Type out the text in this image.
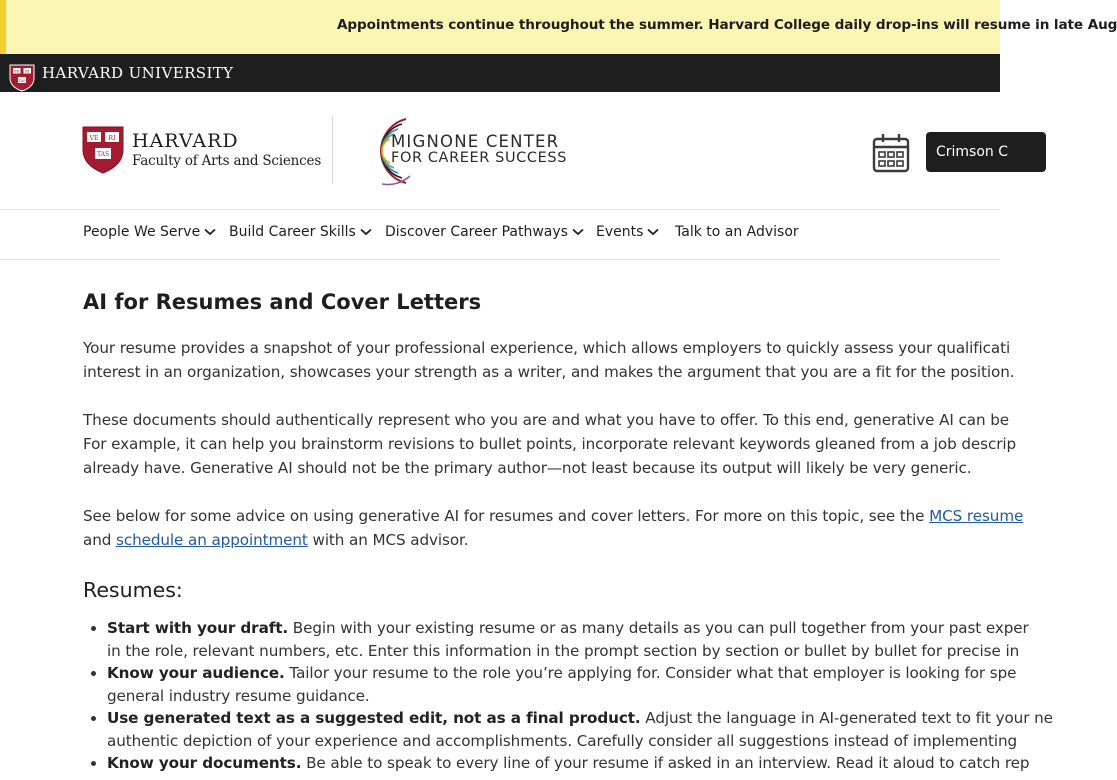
Appointments continue throughout the summer. Harvard College daily drop-ins will resume in late Aug
VE RI
TAS HARVARD UNIVERSITY
VE RI
TAS
HARVARD
Faculty of Arts and Sciences
MIGNONE CENTER
FOR CAREER SUCCESS	Crimson C
People We Serve Build Career Skills Discover Career Pathways Events Talk to an Advisor
AI for Resumes and Cover Letters

Your resume provides a snapshot of your professional experience, which allows employers to quickly assess your qualificati
interest in an organization, showcases your strength as a writer, and makes the argument that you are a fit for the position.

These documents should authentically represent who you are and what you have to offer. To this end, generative AI can be
For example, it can help you brainstorm revisions to bullet points, incorporate relevant keywords gleaned from a job descrip
already have. Generative AI should not be the primary author—not least because its output will likely be very generic.

See below for some advice on using generative AI for resumes and cover letters. For more on this topic, see the MCS resume
and schedule an appointment with an MCS advisor.

Resumes:
• Start with your draft. Begin with your existing resume or as many details as you can pull together from your past exper
in the role, relevant numbers, etc. Enter this information in the prompt section by section or bullet by bullet for precise in
• Know your audience. Tailor your resume to the role you’re applying for. Consider what that employer is looking for spe
general industry resume guidance.
• Use generated text as a suggested edit, not as a final product. Adjust the language in AI-generated text to fit your ne
authentic depiction of your experience and accomplishments. Carefully consider all suggestions instead of implementing
• Know your documents. Be able to speak to every line of your resume if asked in an interview. Read it aloud to catch rep
